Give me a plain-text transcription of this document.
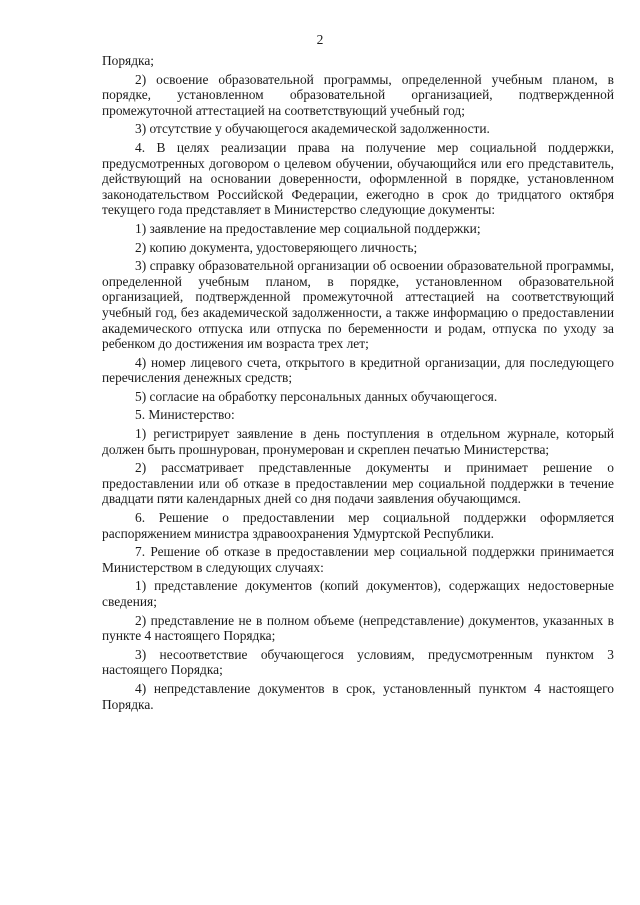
2

Порядка;

2) освоение образовательной программы, определенной учебным планом, в порядке, установленном образовательной организацией, подтвержденной промежуточной аттестацией на соответствующий учебный год;

3) отсутствие у обучающегося академической задолженности.

4. В целях реализации права на получение мер социальной поддержки, предусмотренных договором о целевом обучении, обучающийся или его представитель, действующий на основании доверенности, оформленной в порядке, установленном законодательством Российской Федерации, ежегодно в срок до тридцатого октября текущего года представляет в Министерство следующие документы:

1) заявление на предоставление мер социальной поддержки;

2) копию документа, удостоверяющего личность;

3) справку образовательной организации об освоении образовательной программы, определенной учебным планом, в порядке, установленном образовательной организацией, подтвержденной промежуточной аттестацией на соответствующий учебный год, без академической задолженности, а также информацию о предоставлении академического отпуска или отпуска по беременности и родам, отпуска по уходу за ребенком до достижения им возраста трех лет;

4) номер лицевого счета, открытого в кредитной организации, для последующего перечисления денежных средств;

5) согласие на обработку персональных данных обучающегося.

5. Министерство:

1) регистрирует заявление в день поступления в отдельном журнале, который должен быть прошнурован, пронумерован и скреплен печатью Министерства;

2) рассматривает представленные документы и принимает решение о предоставлении или об отказе в предоставлении мер социальной поддержки в течение двадцати пяти календарных дней со дня подачи заявления обучающимся.

6. Решение о предоставлении мер социальной поддержки оформляется распоряжением министра здравоохранения Удмуртской Республики.

7. Решение об отказе в предоставлении мер социальной поддержки принимается Министерством в следующих случаях:

1) представление документов (копий документов), содержащих недостоверные сведения;

2) представление не в полном объеме (непредставление) документов, указанных в пункте 4 настоящего Порядка;

3) несоответствие обучающегося условиям, предусмотренным пунктом 3 настоящего Порядка;

4) непредставление документов в срок, установленный пунктом 4 настоящего Порядка.
